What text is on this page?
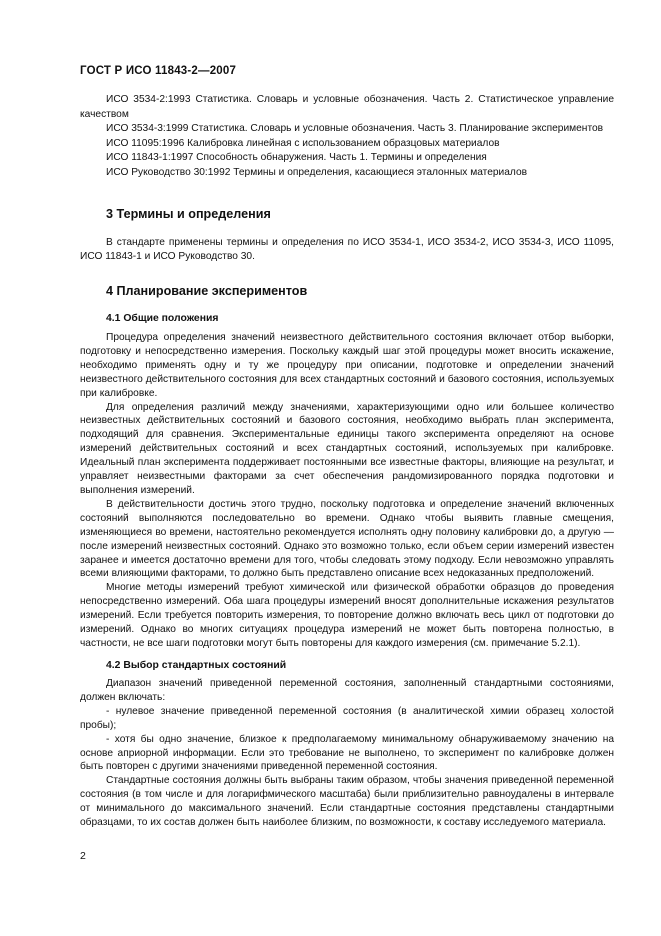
ГОСТ Р ИСО 11843-2—2007

ИСО 3534-2:1993 Статистика. Словарь и условные обозначения. Часть 2. Статистическое управление качеством

ИСО 3534-3:1999 Статистика. Словарь и условные обозначения. Часть 3. Планирование экспериментов

ИСО 11095:1996 Калибровка линейная с использованием образцовых материалов

ИСО 11843-1:1997 Способность обнаружения. Часть 1. Термины и определения

ИСО Руководство 30:1992 Термины и определения, касающиеся эталонных материалов

3 Термины и определения

В стандарте применены термины и определения по ИСО 3534-1, ИСО 3534-2, ИСО 3534-3, ИСО 11095, ИСО 11843-1 и ИСО Руководство 30.

4 Планирование экспериментов
4.1 Общие положения

Процедура определения значений неизвестного действительного состояния включает отбор выборки, подготовку и непосредственно измерения. Поскольку каждый шаг этой процедуры может вносить искажение, необходимо применять одну и ту же процедуру при описании, подготовке и определении значений неизвестного действительного состояния для всех стандартных состояний и базового состояния, используемых при калибровке.

Для определения различий между значениями, характеризующими одно или большее количество неизвестных действительных состояний и базового состояния, необходимо выбрать план эксперимента, подходящий для сравнения. Экспериментальные единицы такого эксперимента определяют на основе измерений действительных состояний и всех стандартных состояний, используемых при калибровке. Идеальный план эксперимента поддерживает постоянными все известные факторы, влияющие на результат, и управляет неизвестными факторами за счет обеспечения рандомизированного порядка подготовки и выполнения измерений.

В действительности достичь этого трудно, поскольку подготовка и определение значений включенных состояний выполняются последовательно во времени. Однако чтобы выявить главные смещения, изменяющиеся во времени, настоятельно рекомендуется исполнять одну половину калибровки до, а другую — после измерений неизвестных состояний. Однако это возможно только, если объем серии измерений известен заранее и имеется достаточно времени для того, чтобы следовать этому подходу. Если невозможно управлять всеми влияющими факторами, то должно быть представлено описание всех недоказанных предположений.

Многие методы измерений требуют химической или физической обработки образцов до проведения непосредственно измерений. Оба шага процедуры измерений вносят дополнительные искажения результатов измерений. Если требуется повторить измерения, то повторение должно включать весь цикл от подготовки до измерений. Однако во многих ситуациях процедура измерений не может быть повторена полностью, в частности, не все шаги подготовки могут быть повторены для каждого измерения (см. примечание 5.2.1).

4.2 Выбор стандартных состояний

Диапазон значений приведенной переменной состояния, заполненный стандартными состояниями, должен включать:

- нулевое значение приведенной переменной состояния (в аналитической химии образец холостой пробы);

- хотя бы одно значение, близкое к предполагаемому минимальному обнаруживаемому значению на основе априорной информации. Если это требование не выполнено, то эксперимент по калибровке должен быть повторен с другими значениями приведенной переменной состояния.

Стандартные состояния должны быть выбраны таким образом, чтобы значения приведенной переменной состояния (в том числе и для логарифмического масштаба) были приблизительно равноудалены в интервале от минимального до максимального значений. Если стандартные состояния представлены стандартными образцами, то их состав должен быть наиболее близким, по возможности, к составу исследуемого материала.

2
